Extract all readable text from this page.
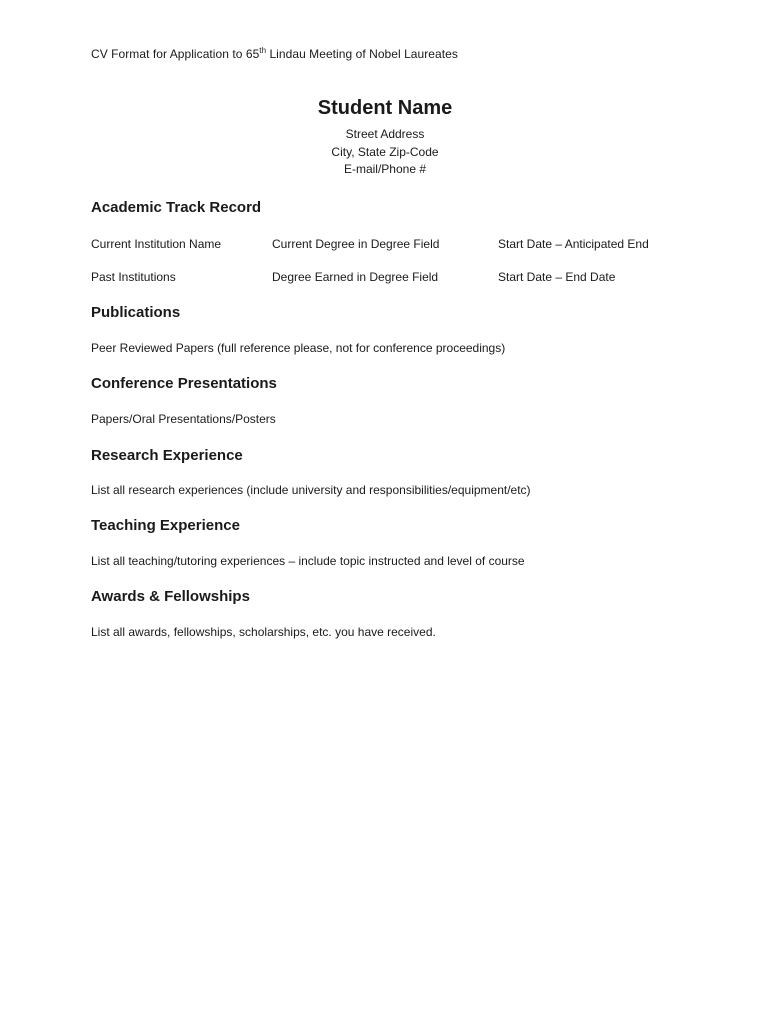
CV Format for Application to 65th Lindau Meeting of Nobel Laureates
Student Name
Street Address
City, State Zip-Code
E-mail/Phone #
Academic Track Record
Current Institution Name	Current Degree in Degree Field	Start Date – Anticipated End
Past Institutions	Degree Earned in Degree Field	Start Date – End Date
Publications
Peer Reviewed Papers (full reference please, not for conference proceedings)
Conference Presentations
Papers/Oral Presentations/Posters
Research Experience
List all research experiences (include university and responsibilities/equipment/etc)
Teaching Experience
List all teaching/tutoring experiences – include topic instructed and level of course
Awards & Fellowships
List all awards, fellowships, scholarships, etc. you have received.
